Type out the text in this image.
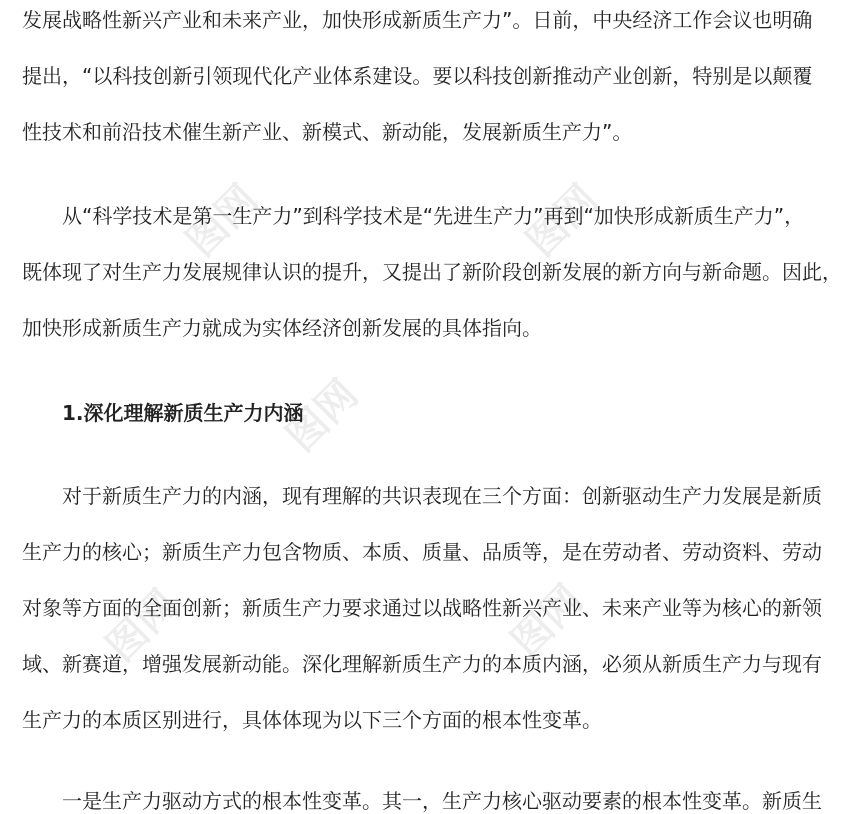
图网	图网
图网
图网	图网
发展战略性新兴产业和未来产业，加快形成新质生产力”。日前，中央经济工作会议也明确
提出，“以科技创新引领现代化产业体系建设。要以科技创新推动产业创新，特别是以颠覆
性技术和前沿技术催生新产业、新模式、新动能，发展新质生产力”。
从“科学技术是第一生产力”到科学技术是“先进生产力”再到“加快形成新质生产力”，
既体现了对生产力发展规律认识的提升，又提出了新阶段创新发展的新方向与新命题。因此，
加快形成新质生产力就成为实体经济创新发展的具体指向。
1.深化理解新质生产力内涵
对于新质生产力的内涵，现有理解的共识表现在三个方面：创新驱动生产力发展是新质
生产力的核心；新质生产力包含物质、本质、质量、品质等，是在劳动者、劳动资料、劳动
对象等方面的全面创新；新质生产力要求通过以战略性新兴产业、未来产业等为核心的新领
域、新赛道，增强发展新动能。深化理解新质生产力的本质内涵，必须从新质生产力与现有
生产力的本质区别进行，具体体现为以下三个方面的根本性变革。
一是生产力驱动方式的根本性变革。其一，生产力核心驱动要素的根本性变革。新质生
